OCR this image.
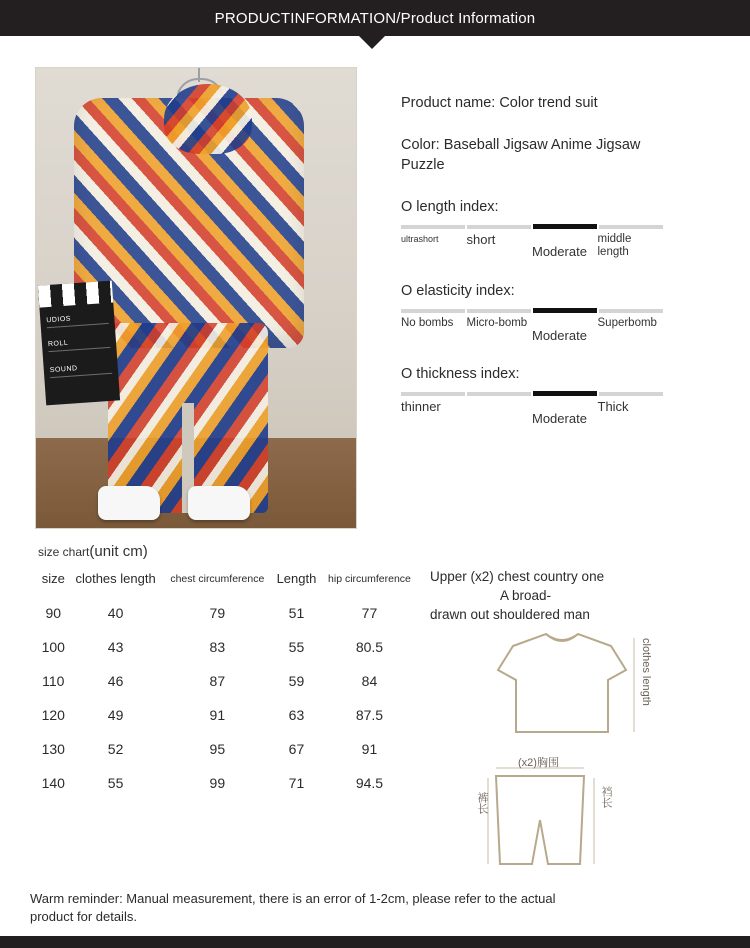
PRODUCTINFORMATION/Product Information
UDIOS
ROLL
SOUND
Product name: Color trend suit
Color: Baseball Jigsaw Anime Jigsaw Puzzle
O length index:
ultrashort	short
Moderate
middle length
O elasticity index:
No bombs	Micro-bomb
Moderate
Superbomb
O thickness index:
thinner
Moderate
Thick
size chart(unit cm)
size	clothes length	chest circumference	Length	hip circumference
90	40	79	51	77
100	43	83	55	80.5
110	46	87	59	84
120	49	91	63	87.5
130	52	95	67	91
140	55	99	71	94.5
Upper (x2) chest country one
A broad-
drawn out shouldered man
clothes length
(x2)胸围
裤长	裆长
Warm reminder: Manual measurement, there is an error of 1-2cm, please refer to the actual product for details.
